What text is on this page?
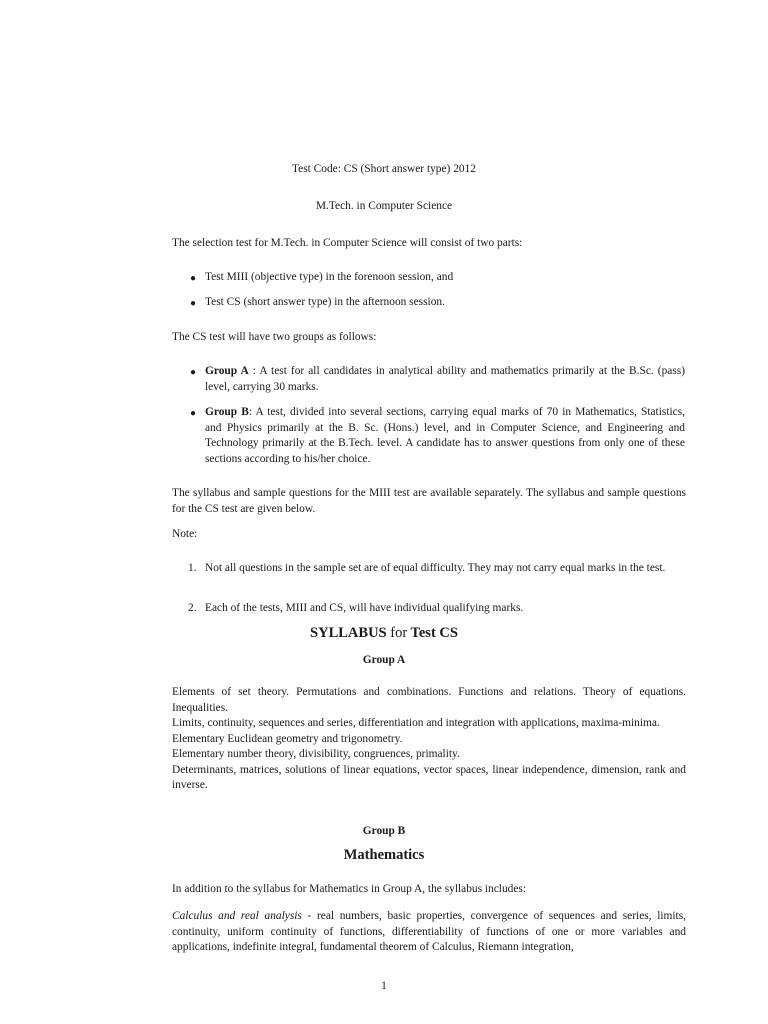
Test Code: CS (Short answer type) 2012
M.Tech. in Computer Science
The selection test for M.Tech. in Computer Science will consist of two parts:
● Test MIII (objective type) in the forenoon session, and
● Test CS (short answer type) in the afternoon session.
The CS test will have two groups as follows:
● Group A : A test for all candidates in analytical ability and mathematics primarily at the B.Sc. (pass) level, carrying 30 marks.
● Group B: A test, divided into several sections, carrying equal marks of 70 in Mathematics, Statistics, and Physics primarily at the B. Sc. (Hons.) level, and in Computer Science, and Engineering and Technology primarily at the B.Tech. level. A candidate has to answer questions from only one of these sections according to his/her choice.
The syllabus and sample questions for the MIII test are available separately. The syllabus and sample questions for the CS test are given below.
Note:
1. Not all questions in the sample set are of equal difficulty. They may not carry equal marks in the test.
2. Each of the tests, MIII and CS, will have individual qualifying marks.
SYLLABUS for Test CS
Group A
Elements of set theory. Permutations and combinations. Functions and relations. Theory of equations. Inequalities.
Limits, continuity, sequences and series, differentiation and integration with applications, maxima-minima.
Elementary Euclidean geometry and trigonometry.
Elementary number theory, divisibility, congruences, primality.
Determinants, matrices, solutions of linear equations, vector spaces, linear independence, dimension, rank and inverse.
Group B
Mathematics
In addition to the syllabus for Mathematics in Group A, the syllabus includes:
Calculus and real analysis - real numbers, basic properties, convergence of sequences and series, limits, continuity, uniform continuity of functions, differentiability of functions of one or more variables and applications, indefinite integral, fundamental theorem of Calculus, Riemann integration,
1
